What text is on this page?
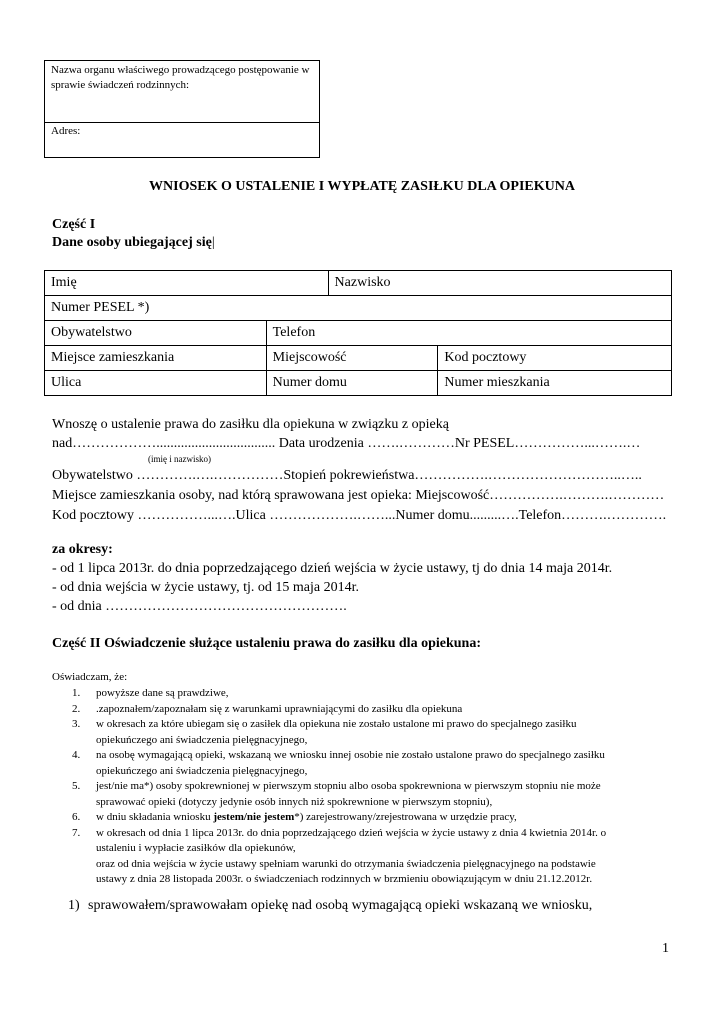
Nazwa organu właściwego prowadzącego postępowanie w sprawie świadczeń rodzinnych:
Adres:
WNIOSEK O USTALENIE I WYPŁATĘ ZASIŁKU DLA OPIEKUNA
Część I
Dane osoby ubiegającej się|
Imię		Nazwisko	
Numer PESEL *)			
Obywatelstwo	Telefon		
Miejsce zamieszkania	Miejscowość		Kod pocztowy
Ulica	Numer domu		Numer mieszkania
Wnoszę o ustalenie prawa do zasiłku dla opiekuna w związku z opieką
nad……………….................................. Data urodzenia …….…………Nr PESEL……………...…….…
(imię i nazwisko)
Obywatelstwo ………….….……………Stopień pokrewieństwa…………….………………………..…..
Miejsce zamieszkania osoby, nad którą sprawowana jest opieka: Miejscowość…………….……….…………
Kod pocztowy ……………...….Ulica ……………….……...Numer domu.........….Telefon……….………….
za okresy:
- od 1 lipca 2013r. do dnia poprzedzającego dzień wejścia w życie ustawy, tj do dnia 14 maja 2014r.
- od dnia wejścia w życie ustawy, tj. od 15 maja 2014r.
- od dnia …………………………………………….
Część II Oświadczenie służące ustaleniu prawa do zasiłku dla opiekuna:
Oświadczam, że:
1.	powyższe dane są prawdziwe,
2.	.zapoznałem/zapoznałam się z warunkami uprawniającymi do zasiłku dla opiekuna
3.	w okresach za które ubiegam się o zasiłek dla opiekuna nie zostało ustalone mi prawo do specjalnego zasiłku
opiekuńczego ani świadczenia pielęgnacyjnego,
4.	na osobę wymagającą opieki, wskazaną we wniosku innej osobie nie zostało ustalone prawo do specjalnego zasiłku
opiekuńczego ani świadczenia pielęgnacyjnego,
5.	jest/nie ma*) osoby spokrewnionej w pierwszym stopniu albo osoba spokrewniona w pierwszym stopniu nie może
sprawować opieki (dotyczy jedynie osób innych niż spokrewnione w pierwszym stopniu),
6.	w dniu składania wniosku jestem/nie jestem*) zarejestrowany/zrejestrowana w urzędzie pracy,
7.	w okresach od dnia 1 lipca 2013r. do dnia poprzedzającego dzień wejścia w życie ustawy z dnia 4 kwietnia 2014r. o
ustaleniu i wypłacie zasiłków dla opiekunów,
oraz od dnia wejścia w życie ustawy spełniam warunki do otrzymania świadczenia pielęgnacyjnego na podstawie
ustawy z dnia 28 listopada 2003r. o świadczeniach rodzinnych w brzmieniu obowiązującym w dniu 21.12.2012r.
1) sprawowałem/sprawowałam opiekę nad osobą wymagającą opieki wskazaną we wniosku,
1
